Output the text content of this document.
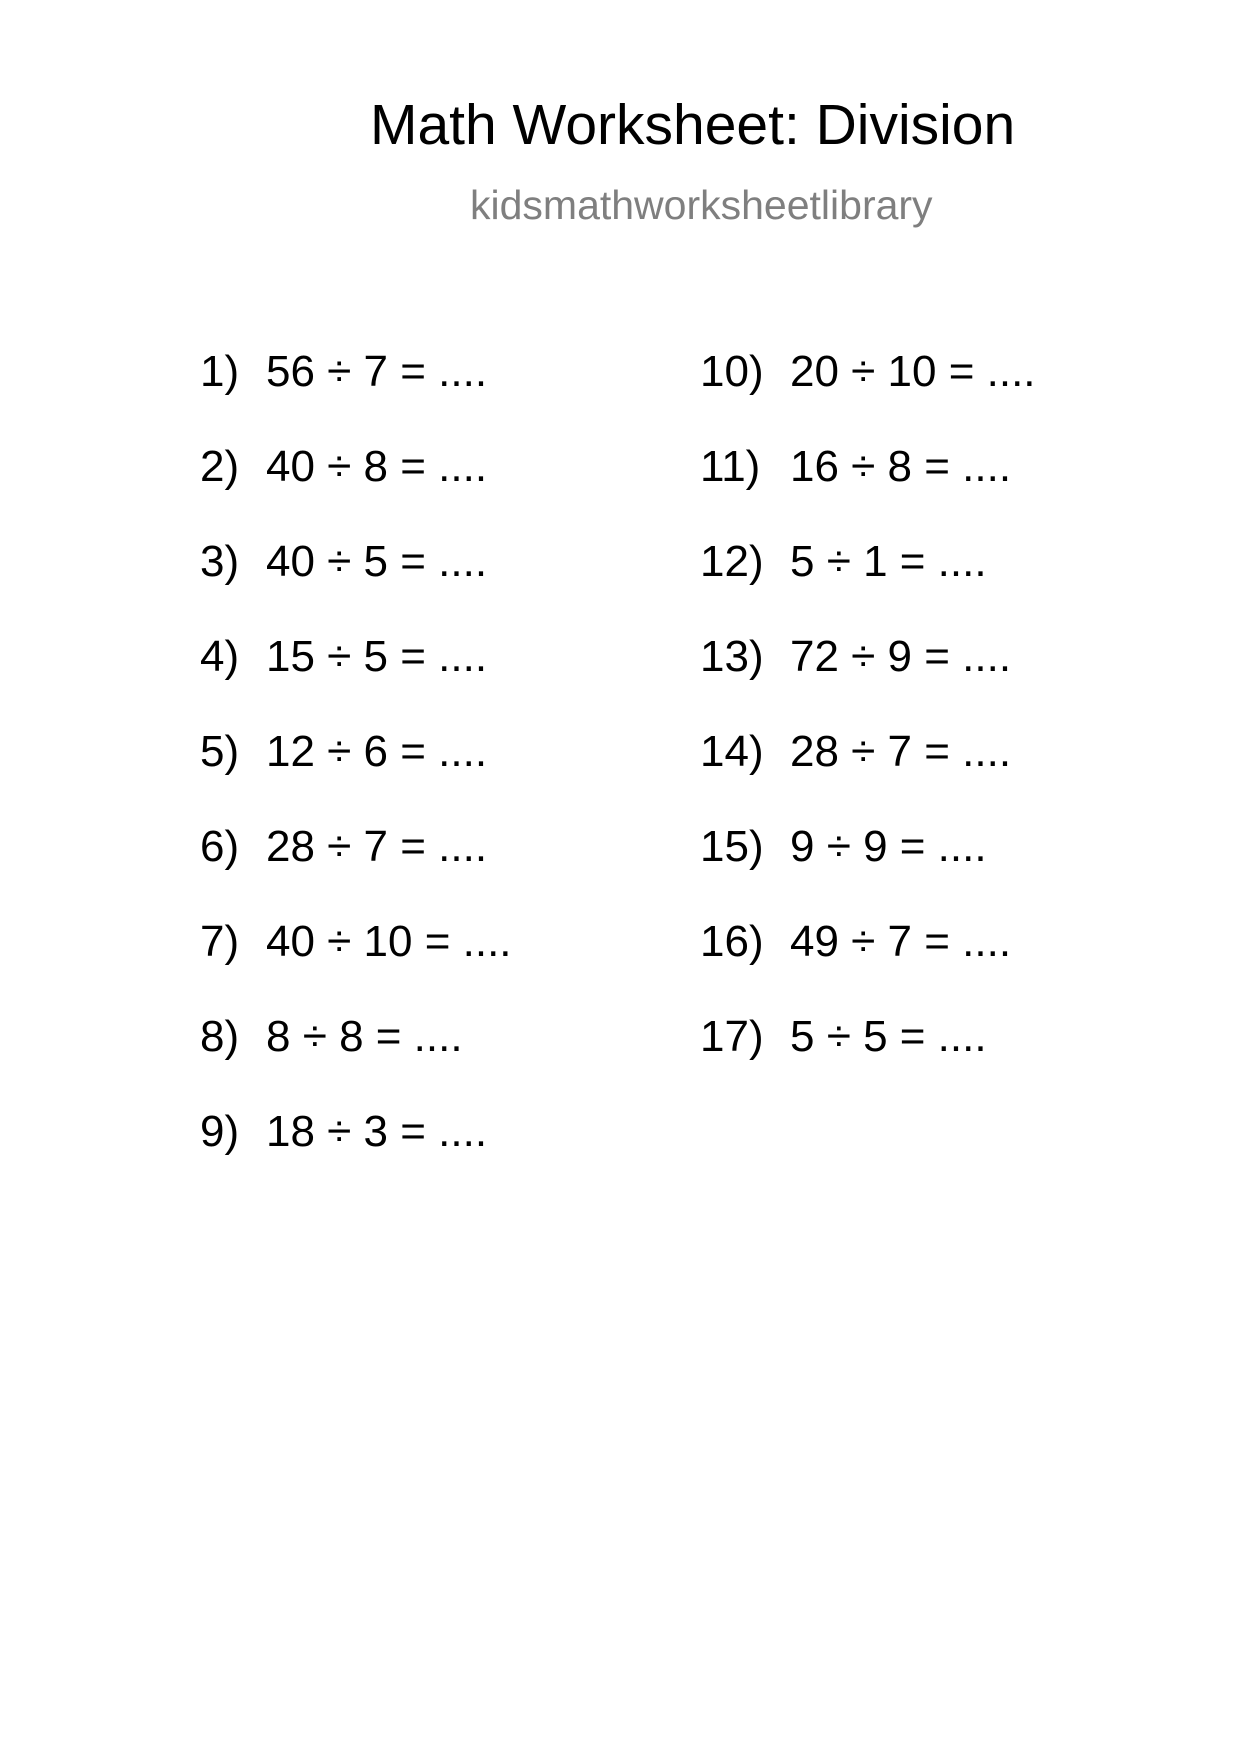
Math Worksheet: Division
kidsmathworksheetlibrary
1) 56 ÷ 7 = ....
2) 40 ÷ 8 = ....
3) 40 ÷ 5 = ....
4) 15 ÷ 5 = ....
5) 12 ÷ 6 = ....
6) 28 ÷ 7 = ....
7) 40 ÷ 10 = ....
8) 8 ÷ 8 = ....
9) 18 ÷ 3 = ....
10) 20 ÷ 10 = ....
11) 16 ÷ 8 = ....
12) 5 ÷ 1 = ....
13) 72 ÷ 9 = ....
14) 28 ÷ 7 = ....
15) 9 ÷ 9 = ....
16) 49 ÷ 7 = ....
17) 5 ÷ 5 = ....
